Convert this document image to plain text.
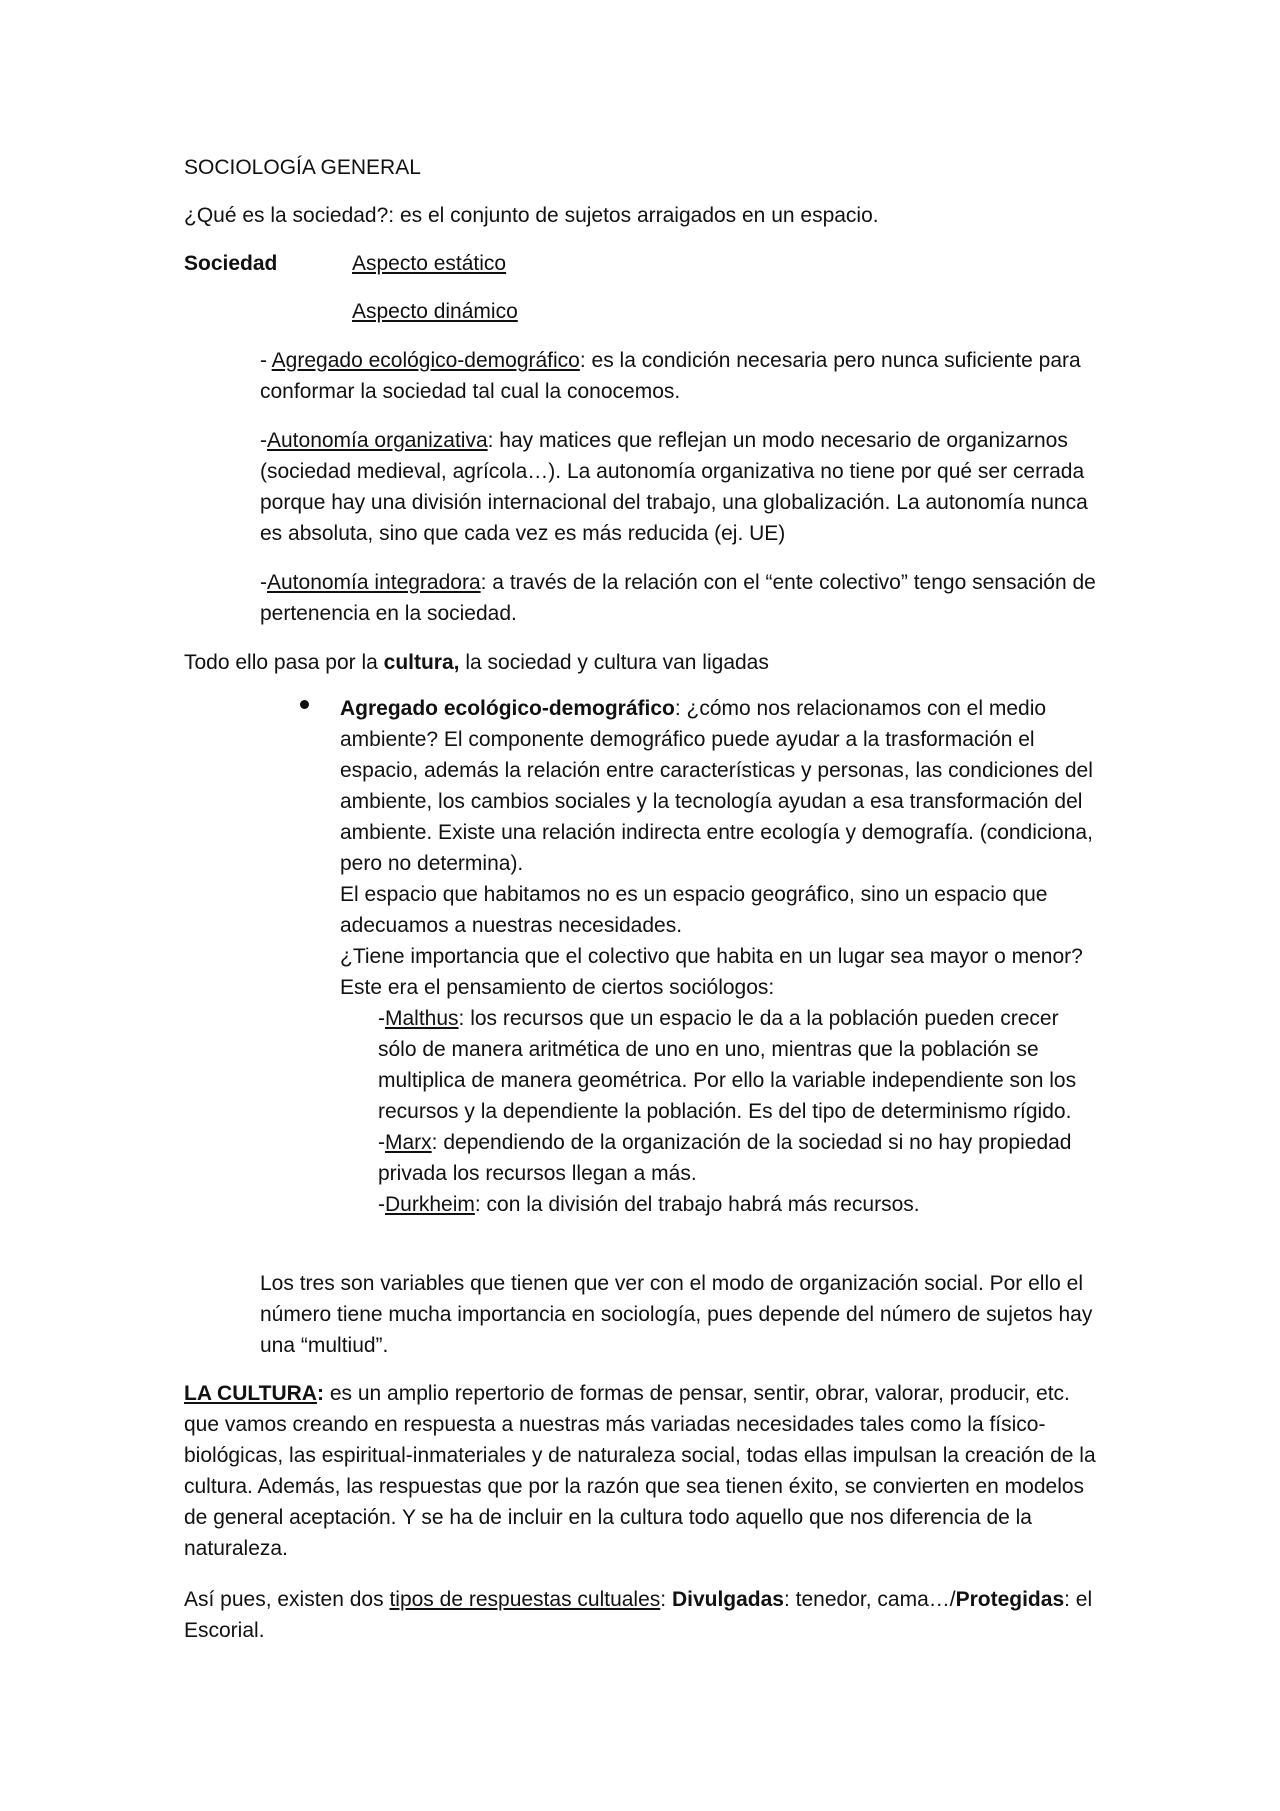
SOCIOLOGÍA GENERAL

¿Qué es la sociedad?: es el conjunto de sujetos arraigados en un espacio.

Sociedad	Aspecto estático

Aspecto dinámico

- Agregado ecológico-demográfico: es la condición necesaria pero nunca suficiente para conformar la sociedad tal cual la conocemos.

-Autonomía organizativa: hay matices que reflejan un modo necesario de organizarnos (sociedad medieval, agrícola…). La autonomía organizativa no tiene por qué ser cerrada porque hay una división internacional del trabajo, una globalización. La autonomía nunca es absoluta, sino que cada vez es más reducida (ej. UE)

-Autonomía integradora: a través de la relación con el “ente colectivo” tengo sensación de pertenencia en la sociedad.

Todo ello pasa por la cultura, la sociedad y cultura van ligadas

Agregado ecológico-demográfico: ¿cómo nos relacionamos con el medio ambiente? El componente demográfico puede ayudar a la trasformación el espacio, además la relación entre características y personas, las condiciones del ambiente, los cambios sociales y la tecnología ayudan a esa transformación del ambiente. Existe una relación indirecta entre ecología y demografía. (condiciona, pero no determina).
El espacio que habitamos no es un espacio geográfico, sino un espacio que adecuamos a nuestras necesidades.
¿Tiene importancia que el colectivo que habita en un lugar sea mayor o menor? Este era el pensamiento de ciertos sociólogos:
-Malthus: los recursos que un espacio le da a la población pueden crecer sólo de manera aritmética de uno en uno, mientras que la población se multiplica de manera geométrica. Por ello la variable independiente son los recursos y la dependiente la población. Es del tipo de determinismo rígido.
-Marx: dependiendo de la organización de la sociedad si no hay propiedad privada los recursos llegan a más.
-Durkheim: con la división del trabajo habrá más recursos.

Los tres son variables que tienen que ver con el modo de organización social. Por ello el número tiene mucha importancia en sociología, pues depende del número de sujetos hay una “multiud”.

LA CULTURA: es un amplio repertorio de formas de pensar, sentir, obrar, valorar, producir, etc. que vamos creando en respuesta a nuestras más variadas necesidades tales como la físico-biológicas, las espiritual-inmateriales y de naturaleza social, todas ellas impulsan la creación de la cultura. Además, las respuestas que por la razón que sea tienen éxito, se convierten en modelos de general aceptación. Y se ha de incluir en la cultura todo aquello que nos diferencia de la naturaleza.

Así pues, existen dos tipos de respuestas cultuales: Divulgadas: tenedor, cama…/Protegidas: el Escorial.
